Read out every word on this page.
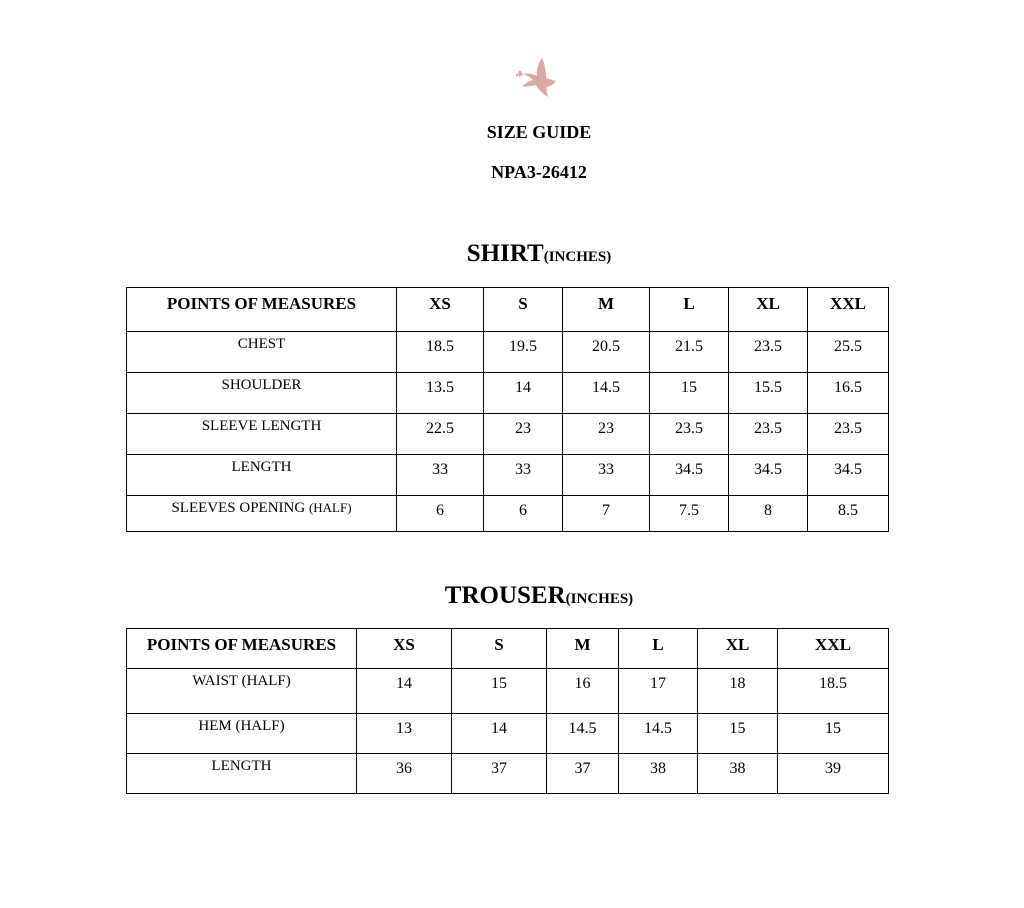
SIZE GUIDE
NPA3-26412
SHIRT(INCHES)
POINTS OF MEASURES	XS	S	M	L	XL	XXL
CHEST	18.5	19.5	20.5	21.5	23.5	25.5
SHOULDER	13.5	14	14.5	15	15.5	16.5
SLEEVE LENGTH	22.5	23	23	23.5	23.5	23.5
LENGTH	33	33	33	34.5	34.5	34.5
SLEEVES OPENING (HALF)	6	6	7	7.5	8	8.5
TROUSER(INCHES)
POINTS OF MEASURES	XS	S	M	L	XL	XXL
WAIST (HALF)	14	15	16	17	18	18.5
HEM (HALF)	13	14	14.5	14.5	15	15
LENGTH	36	37	37	38	38	39
